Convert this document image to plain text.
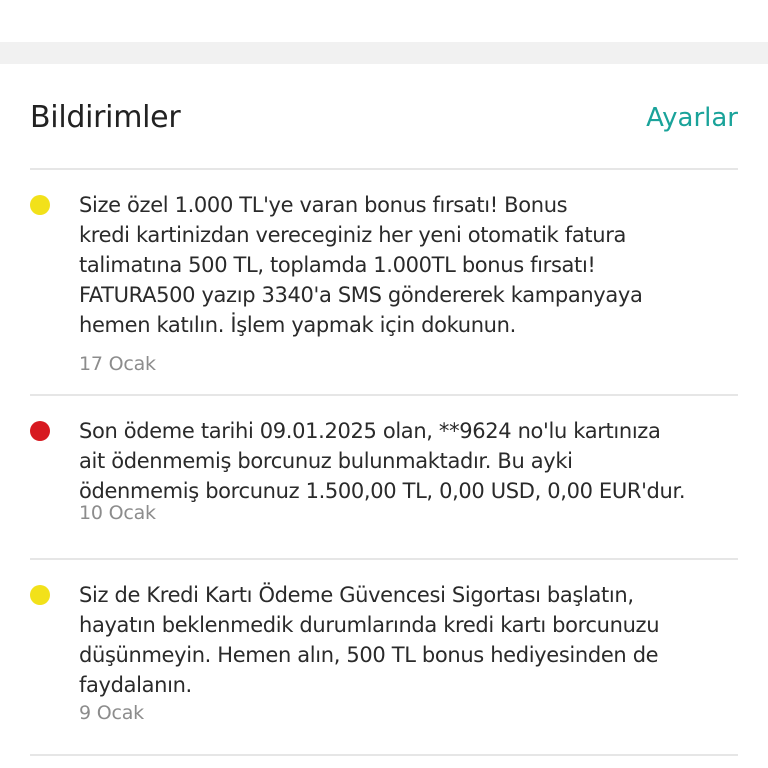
Bildirimler	Ayarlar
Size özel 1.000 TL'ye varan bonus fırsatı! Bonus
kredi kartinizdan vereceginiz her yeni otomatik fatura
talimatına 500 TL, toplamda 1.000TL bonus fırsatı!
FATURA500 yazıp 3340'a SMS göndererek kampanyaya
hemen katılın. İşlem yapmak için dokunun.
17 Ocak
Son ödeme tarihi 09.01.2025 olan, **9624 no'lu kartınıza
ait ödenmemiş borcunuz bulunmaktadır. Bu ayki
ödenmemiş borcunuz 1.500,00 TL, 0,00 USD, 0,00 EUR'dur.
10 Ocak
Siz de Kredi Kartı Ödeme Güvencesi Sigortası başlatın,
hayatın beklenmedik durumlarında kredi kartı borcunuzu
düşünmeyin. Hemen alın, 500 TL bonus hediyesinden de
faydalanın.
9 Ocak
